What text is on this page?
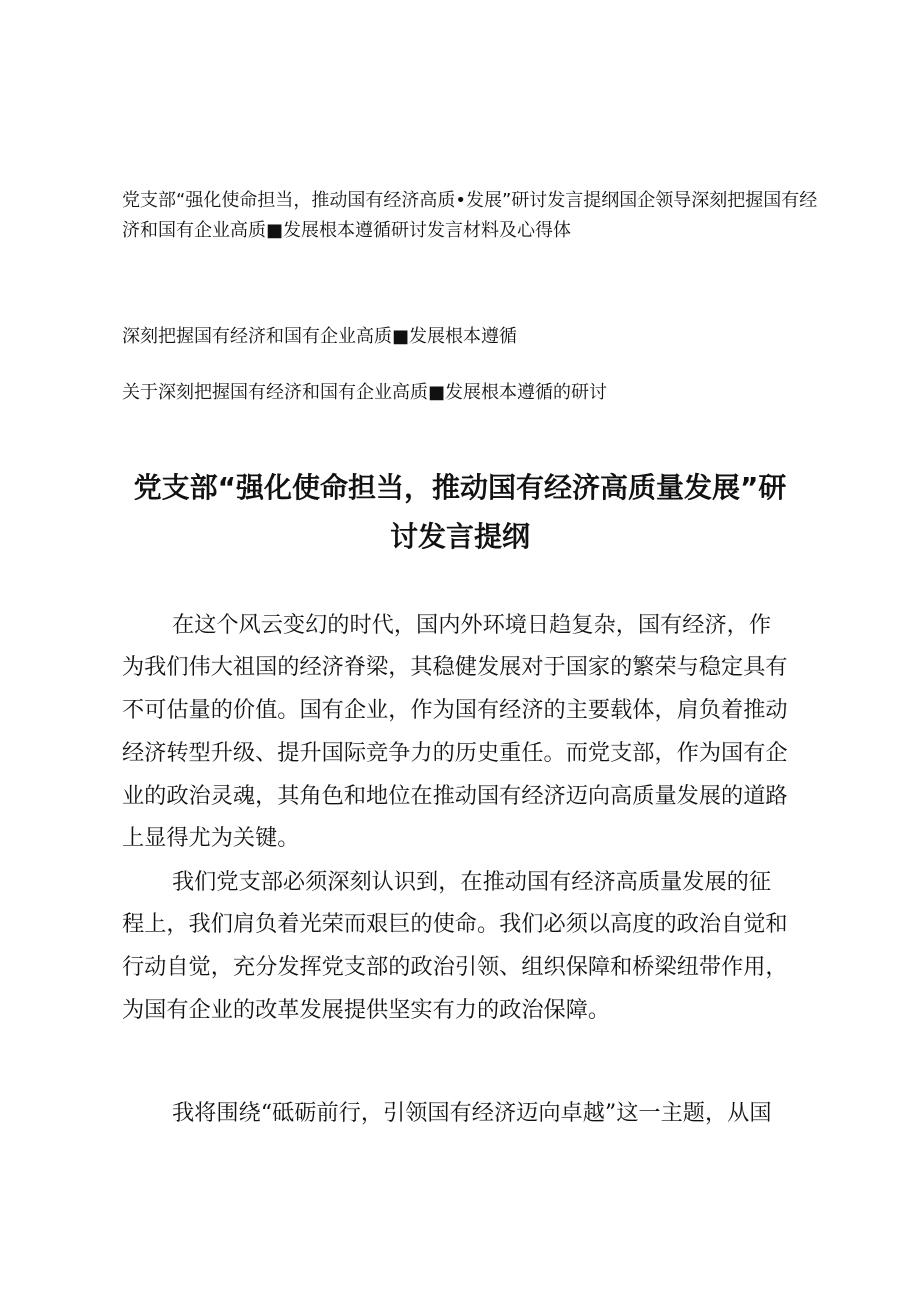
党支部“强化使命担当，推动国有经济高质•发展”研讨发言提纲国企领导深刻把握国有经
济和国有企业高质■发展根本遵循研讨发言材料及心得体
深刻把握国有经济和国有企业高质■发展根本遵循
关于深刻把握国有经济和国有企业高质■发展根本遵循的研讨
党支部“强化使命担当，推动国有经济高质量发展”研
讨发言提纲
在这个风云变幻的时代，国内外环境日趋复杂，国有经济，作
为我们伟大祖国的经济脊梁，其稳健发展对于国家的繁荣与稳定具有
不可估量的价值。国有企业，作为国有经济的主要载体，肩负着推动
经济转型升级、提升国际竞争力的历史重任。而党支部，作为国有企
业的政治灵魂，其角色和地位在推动国有经济迈向高质量发展的道路
上显得尤为关键。
我们党支部必须深刻认识到，在推动国有经济高质量发展的征
程上，我们肩负着光荣而艰巨的使命。我们必须以高度的政治自觉和
行动自觉，充分发挥党支部的政治引领、组织保障和桥梁纽带作用，
为国有企业的改革发展提供坚实有力的政治保障。
我将围绕“砥砺前行，引领国有经济迈向卓越”这一主题，从国
